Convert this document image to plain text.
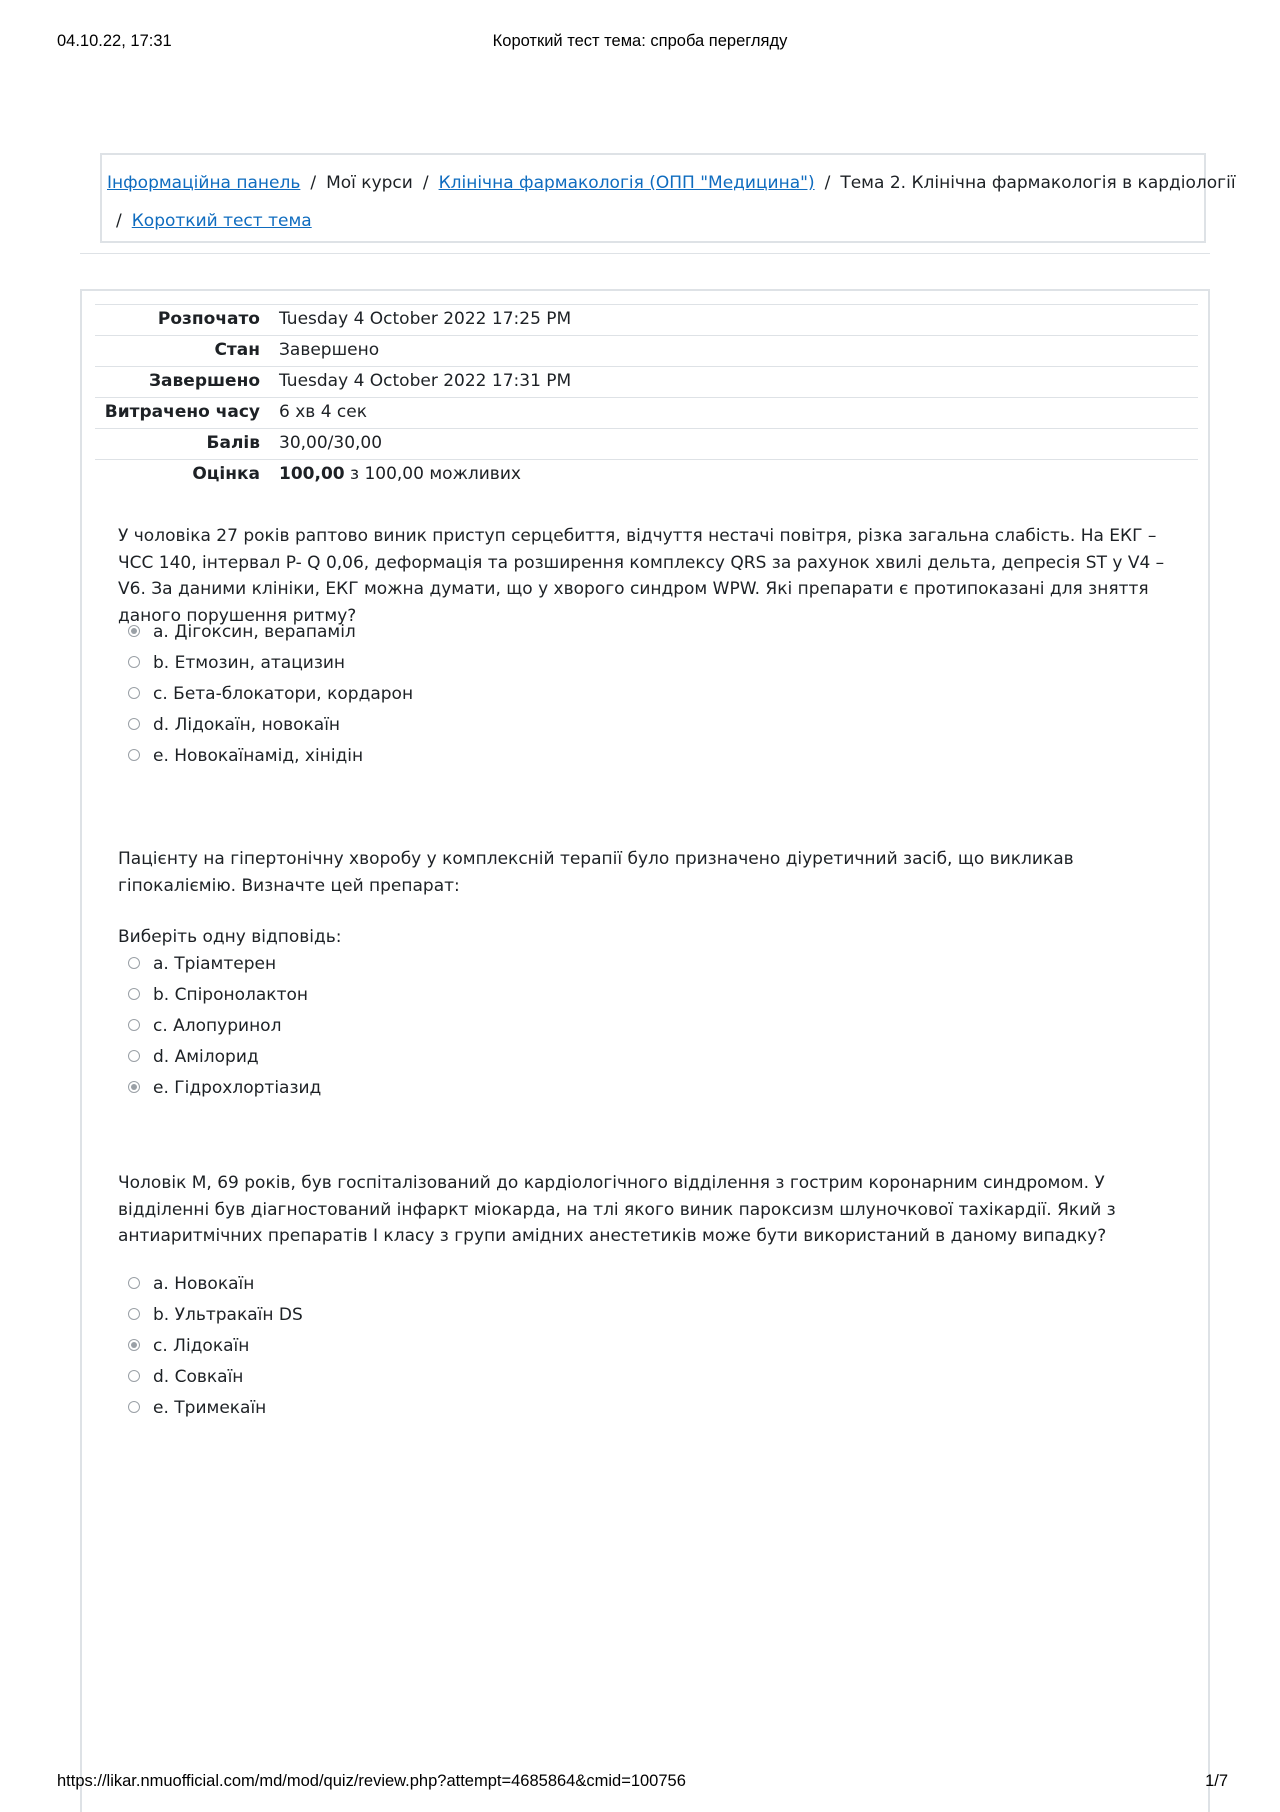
04.10.22, 17:31	Короткий тест тема: спроба перегляду
Інформаційна панель / Мої курси / Клінічна фармакологія (ОПП "Медицина") / Тема 2. Клінічна фармакологія в кардіології
/ Короткий тест тема
Розпочато Tuesday 4 October 2022 17:25 PM
Стан Завершено
Завершено Tuesday 4 October 2022 17:31 PM
Витрачено часу 6 хв 4 сек
Балів 30,00/30,00
Оцінка 100,00 з 100,00 можливих

У чоловіка 27 років раптово виник приступ серцебиття, відчуття нестачі повітря, різка загальна слабість. На ЕКГ – ЧСС 140, інтервал P- Q 0,06, деформація та розширення комплексу QRS за рахунок хвилі дельта, депресія ST у V4 – V6. За даними клініки, ЕКГ можна думати, що у хворого синдром WPW. Які препарати є протипоказані для зняття даного порушення ритму?

a. Дігоксин, верапаміл
b. Етмозин, атацизин
c. Бета-блокатори, кордарон
d. Лідокаїн, новокаїн
e. Новокаїнамід, хінідін

Пацієнту на гіпертонічну хворобу у комплексній терапії було призначено діуретичний засіб, що викликав гіпокаліємію. Визначте цей препарат:

Виберіть одну відповідь:
a. Тріамтерен
b. Спіронолактон
c. Алопуринол
d. Амілорид
e. Гідрохлортіазид

Чоловік М, 69 років, був госпіталізований до кардіологічного відділення з гострим коронарним синдромом. У відділенні був діагностований інфаркт міокарда, на тлі якого виник пароксизм шлуночкової тахікардії. Який з антиаритмічних препаратів I класу з групи амідних анестетиків може бути використаний в даному випадку?

a. Новокаїн
b. Ультракаїн DS
c. Лідокаїн
d. Совкаїн
e. Тримекаїн
https://likar.nmuofficial.com/md/mod/quiz/review.php?attempt=4685864&cmid=100756	1/7
